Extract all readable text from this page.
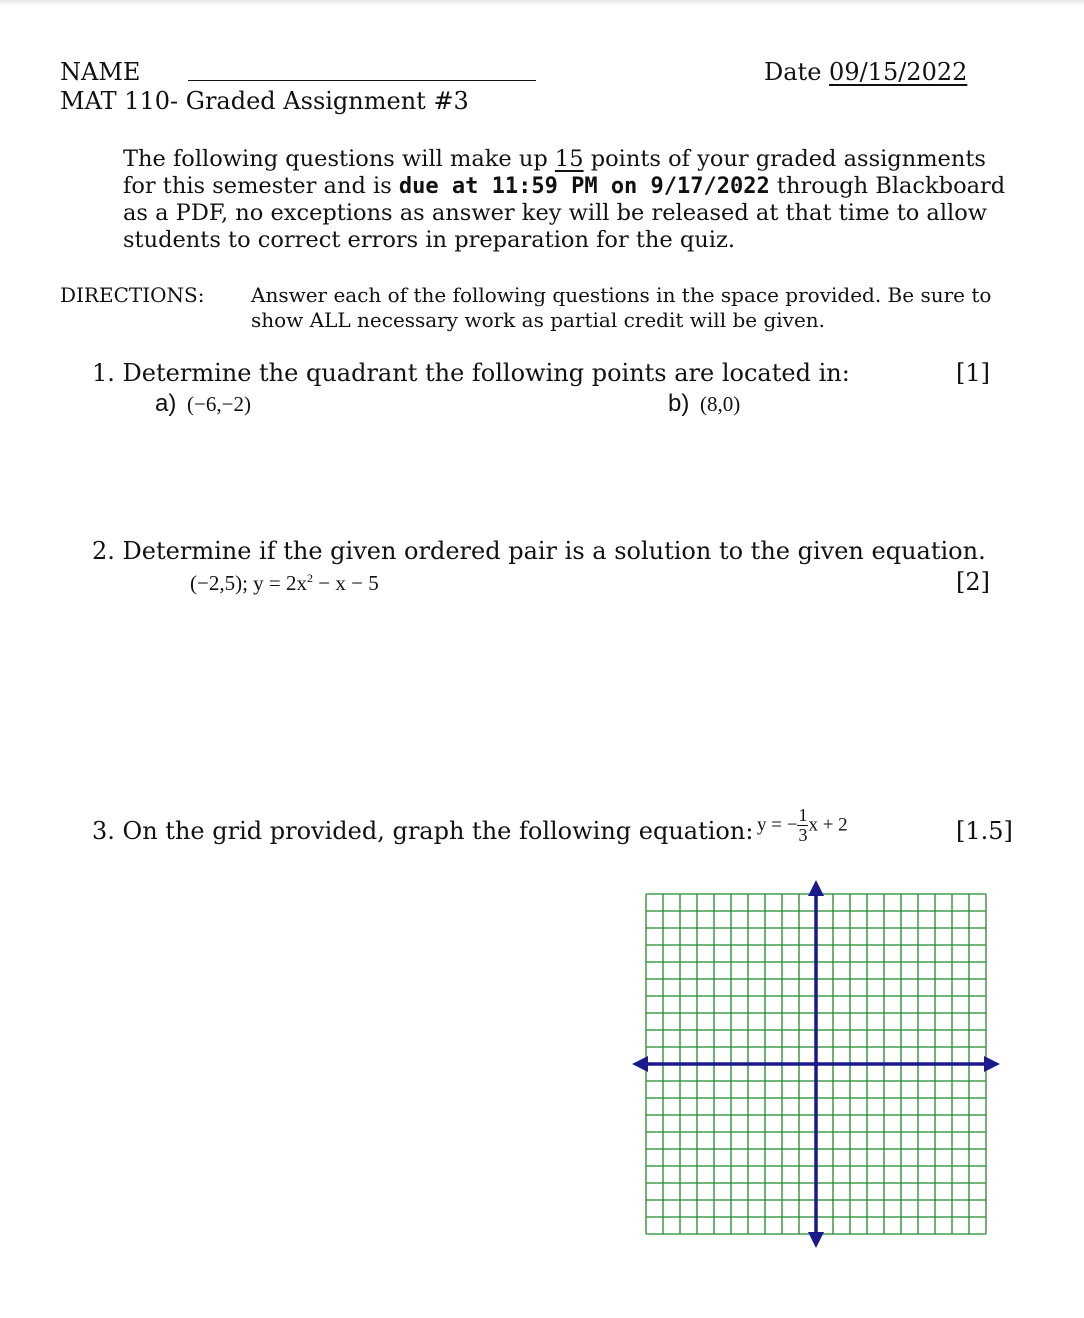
NAME	Date 09/15/2022
MAT 110- Graded Assignment #3
The following questions will make up 15 points of your graded assignments for this semester and is due at 11:59 PM on 9/17/2022 through Blackboard as a PDF, no exceptions as answer key will be released at that time to allow students to correct errors in preparation for the quiz.
DIRECTIONS: Answer each of the following questions in the space provided. Be sure to show ALL necessary work as partial credit will be given.
1. Determine the quadrant the following points are located in:	[1]
a) (−6,−2)	b) (8,0)
2. Determine if the given ordered pair is a solution to the given equation.
(−2,5); $y = 2x^2 - x - 5$	[2]
3. On the grid provided, graph the following equation: y = − $\frac{1}{3}$ x + 2	[1.5]
